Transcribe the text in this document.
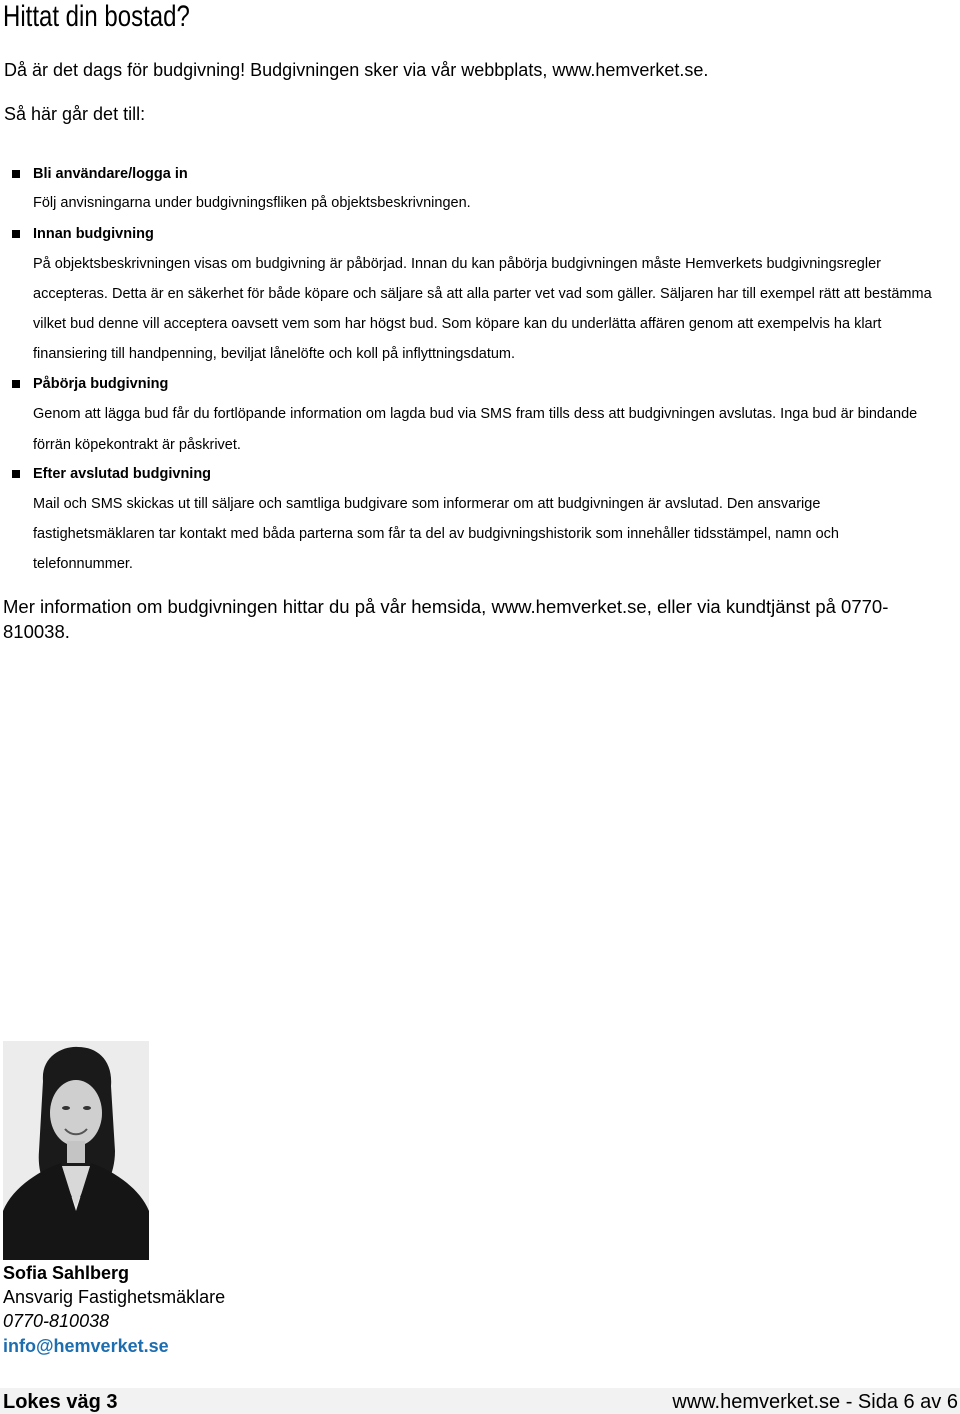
Hittat din bostad?
Då är det dags för budgivning! Budgivningen sker via vår webbplats, www.hemverket.se.
Så här går det till:
Bli användare/logga in
Följ anvisningarna under budgivningsfliken på objektsbeskrivningen.
Innan budgivning
På objektsbeskrivningen visas om budgivning är påbörjad. Innan du kan påbörja budgivningen måste Hemverkets budgivningsregler
accepteras. Detta är en säkerhet för både köpare och säljare så att alla parter vet vad som gäller. Säljaren har till exempel rätt att bestämma
vilket bud denne vill acceptera oavsett vem som har högst bud. Som köpare kan du underlätta affären genom att exempelvis ha klart
finansiering till handpenning, beviljat lånelöfte och koll på inflyttningsdatum.
Påbörja budgivning
Genom att lägga bud får du fortlöpande information om lagda bud via SMS fram tills dess att budgivningen avslutas. Inga bud är bindande
förrän köpekontrakt är påskrivet.
Efter avslutad budgivning
Mail och SMS skickas ut till säljare och samtliga budgivare som informerar om att budgivningen är avslutad. Den ansvarige
fastighetsmäklaren tar kontakt med båda parterna som får ta del av budgivningshistorik som innehåller tidsstämpel, namn och
telefonnummer.
Mer information om budgivningen hittar du på vår hemsida, www.hemverket.se, eller via kundtjänst på 0770-810038.
Sofia Sahlberg
Ansvarig Fastighetsmäklare
0770-810038
info@hemverket.se
Lokes väg 3	www.hemverket.se - Sida 6 av 6
